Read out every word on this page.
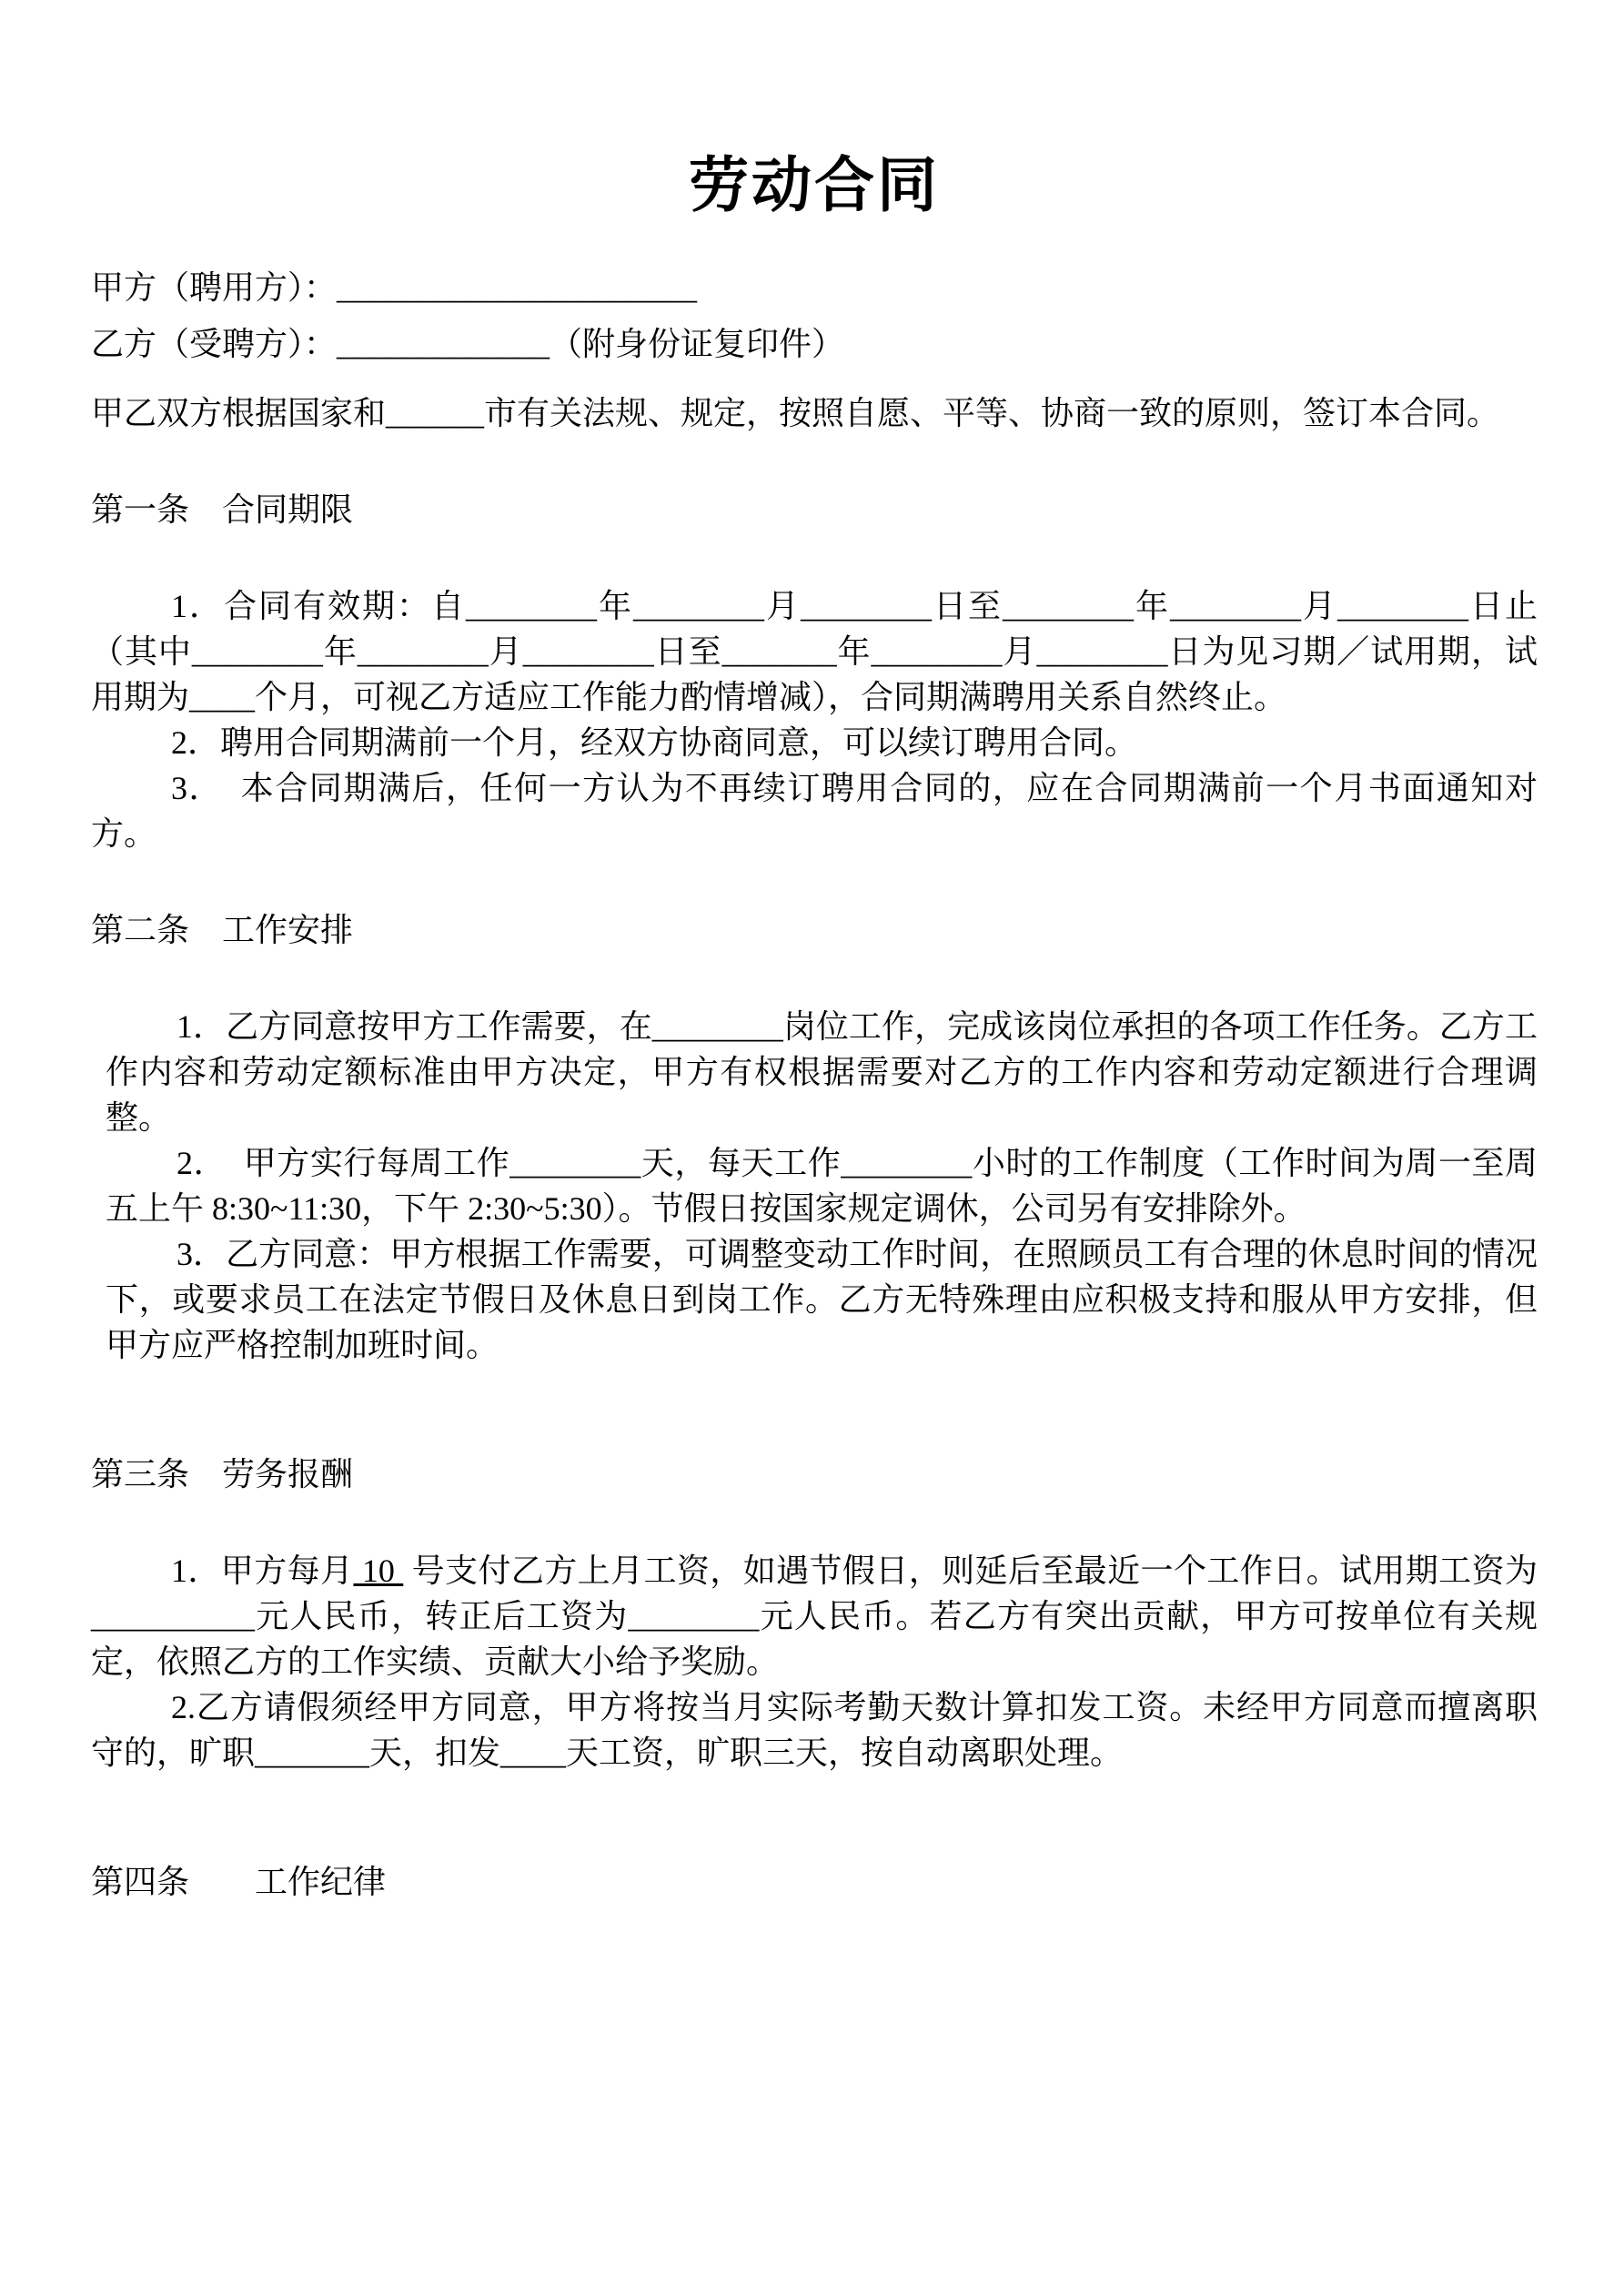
劳动合同

甲方（聘用方）：______________________

乙方（受聘方）：_____________（附身份证复印件）

甲乙双方根据国家和______市有关法规、规定，按照自愿、平等、协商一致的原则，签订本合同。

第一条　合同期限

1．合同有效期：自________年________月________日至________年________月________日止（其中________年________月________日至_______年________月________日为见习期／试用期，试用期为____个月，可视乙方适应工作能力酌情增减），合同期满聘用关系自然终止。

2．聘用合同期满前一个月，经双方协商同意，可以续订聘用合同。

3．　本合同期满后，任何一方认为不再续订聘用合同的，应在合同期满前一个月书面通知对方。

第二条　工作安排

1．乙方同意按甲方工作需要，在________岗位工作，完成该岗位承担的各项工作任务。乙方工作内容和劳动定额标准由甲方决定，甲方有权根据需要对乙方的工作内容和劳动定额进行合理调整。

2．　甲方实行每周工作________天，每天工作________小时的工作制度（工作时间为周一至周五上午 8:30~11:30，下午 2:30~5:30）。节假日按国家规定调休，公司另有安排除外。

3．乙方同意：甲方根据工作需要，可调整变动工作时间，在照顾员工有合理的休息时间的情况下，或要求员工在法定节假日及休息日到岗工作。乙方无特殊理由应积极支持和服从甲方安排，但甲方应严格控制加班时间。

第三条　劳务报酬

1．甲方每月 10  号支付乙方上月工资，如遇节假日，则延后至最近一个工作日。试用期工资为__________元人民币，转正后工资为________元人民币。若乙方有突出贡献，甲方可按单位有关规定，依照乙方的工作实绩、贡献大小给予奖励。

2.乙方请假须经甲方同意，甲方将按当月实际考勤天数计算扣发工资。未经甲方同意而擅离职守的，旷职_______天，扣发____天工资，旷职三天，按自动离职处理。

第四条　　工作纪律
